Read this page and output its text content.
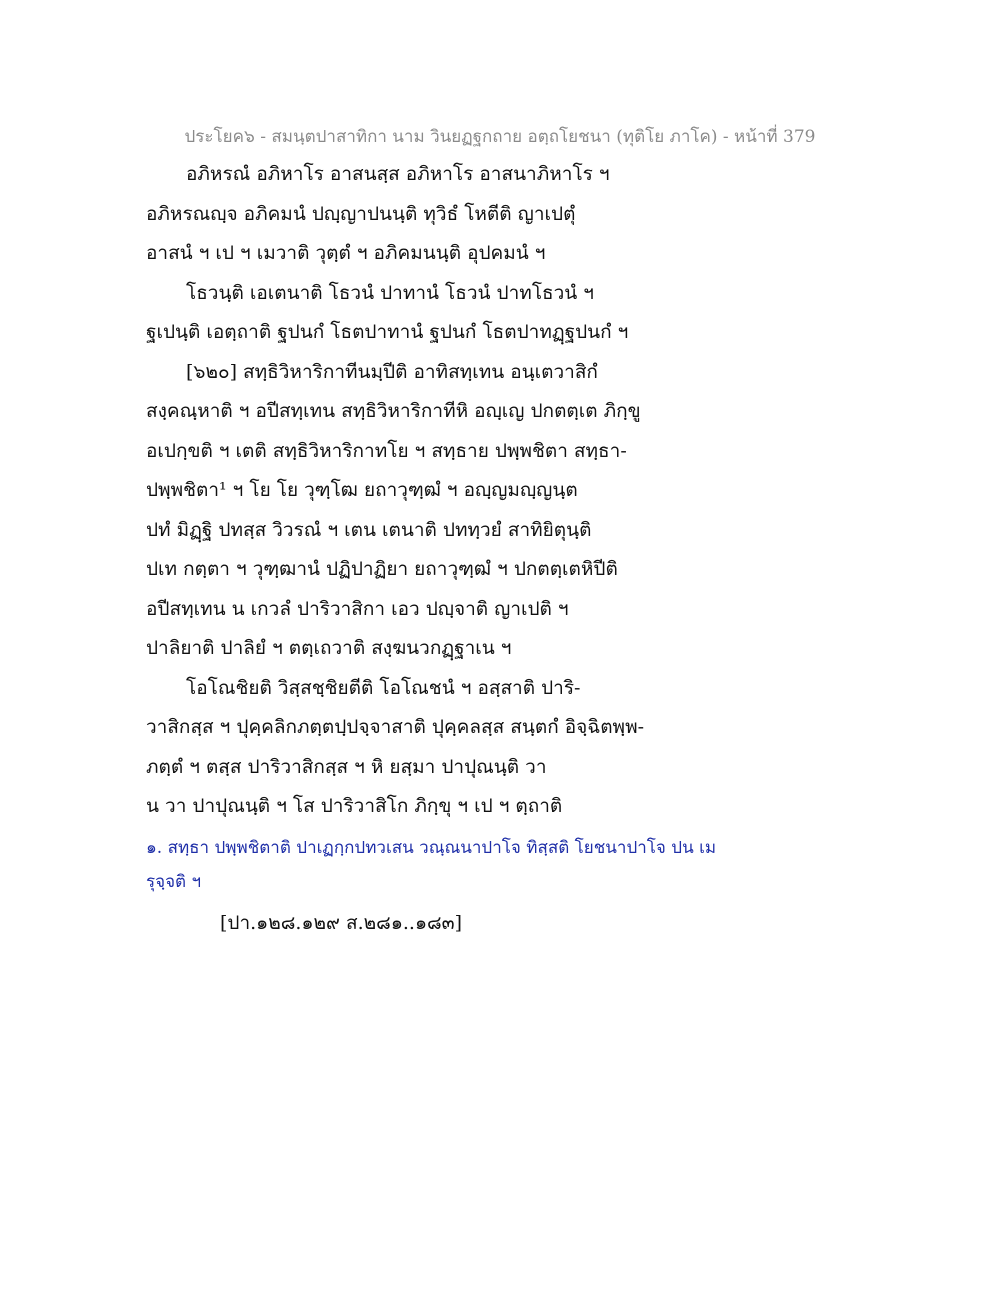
ประโยค๖ - สมนฺตปาสาทิกา นาม วินยฏฐกถาย อตฺถโยชนา (ทุติโย ภาโค) - หน้าที่ 379
อภิหรณํ อภิหาโร อาสนสฺส อภิหาโร อาสนาภิหาโร ฯ
อภิหรณญฺจ อภิคมนํ ปญฺญาปนนฺติ ทุวิธํ โหตีติ ญาเปตุํ
อาสนํ ฯ เป ฯ เมวาติ วุตฺตํ ฯ อภิคมนนฺติ อุปคมนํ ฯ
โธวนฺติ เอเตนาติ โธวนํ ปาทานํ โธวนํ ปาทโธวนํ ฯ
ฐเปนฺติ เอตฺถาติ ฐปนกํ โธตปาทานํ ฐปนกํ โธตปาทฏฺฐปนกํ ฯ
[๖๒๐] สทฺธิวิหาริกาทีนมฺปีติ อาทิสทฺเทน อนฺเตวาสิกํ
สงฺคณฺหาติ ฯ อปีสทฺเทน สทฺธิวิหาริกาทีหิ อญฺเญ ปกตตฺเต ภิกฺขู
อเปกฺขติ ฯ เตติ สทฺธิวิหาริกาทโย ฯ สทฺธาย ปพฺพชิตา สทฺธา-
ปพฺพชิตา¹ ฯ โย โย วุฑฺโฒ ยถาวุฑฺฒํ ฯ อญฺญมญฺญนฺต
ปทํ มิฏฺฐิ ปทสฺส วิวรณํ ฯ เตน เตนาติ ปททฺวยํ สาทิยิตุนฺติ
ปเท กตฺตา ฯ วุฑฺฒานํ ปฏิปาฏิยา ยถาวุฑฺฒํ ฯ ปกตตฺเตหิปีติ
อปีสทฺเทน น เกวลํ ปาริวาสิกา เอว ปญฺจาติ ญาเปติ ฯ
ปาลิยาติ ปาลิยํ ฯ ตตฺเถวาติ สงฺฆนวกฏฺฐาเน ฯ
โอโณชิยติ วิสฺสชฺชิยตีติ โอโณชนํ ฯ อสฺสาติ ปาริ-
วาสิกสฺส ฯ ปุคฺคลิกภตฺตปฺปจฺจาสาติ ปุคฺคลสฺส สนฺตกํ อิจฺฉิตพฺพ-
ภตฺตํ ฯ ตสฺส ปาริวาสิกสฺส ฯ หิ ยสฺมา ปาปุณนฺติ วา
น วา ปาปุณนฺติ ฯ โส ปาริวาสิโก ภิกฺขุ ฯ เป ฯ ตฺถาติ
๑. สทฺธา ปพฺพชิตาติ ปาเฏกฺกปทวเสน วณฺณนาปาโจ ทิสฺสติ โยชนาปาโจ ปน เม
รุจฺจติ ฯ
[ปา.๑๒๘.๑๒๙ ส.๒๘๑..๑๘๓]
